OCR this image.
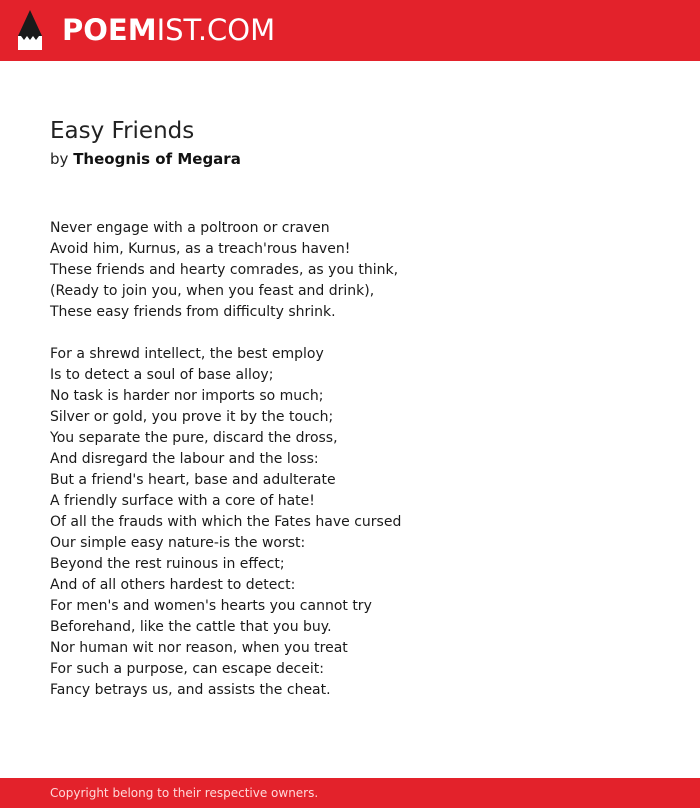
POEMIST.COM
Easy Friends
by Theognis of Megara
Never engage with a poltroon or craven
Avoid him, Kurnus, as a treach'rous haven!
These friends and hearty comrades, as you think,
(Ready to join you, when you feast and drink),
These easy friends from difficulty shrink.
For a shrewd intellect, the best employ
Is to detect a soul of base alloy;
No task is harder nor imports so much;
Silver or gold, you prove it by the touch;
You separate the pure, discard the dross,
And disregard the labour and the loss:
But a friend's heart, base and adulterate
A friendly surface with a core of hate!
Of all the frauds with which the Fates have cursed
Our simple easy nature-is the worst:
Beyond the rest ruinous in effect;
And of all others hardest to detect:
For men's and women's hearts you cannot try
Beforehand, like the cattle that you buy.
Nor human wit nor reason, when you treat
For such a purpose, can escape deceit:
Fancy betrays us, and assists the cheat.
Copyright belong to their respective owners.
